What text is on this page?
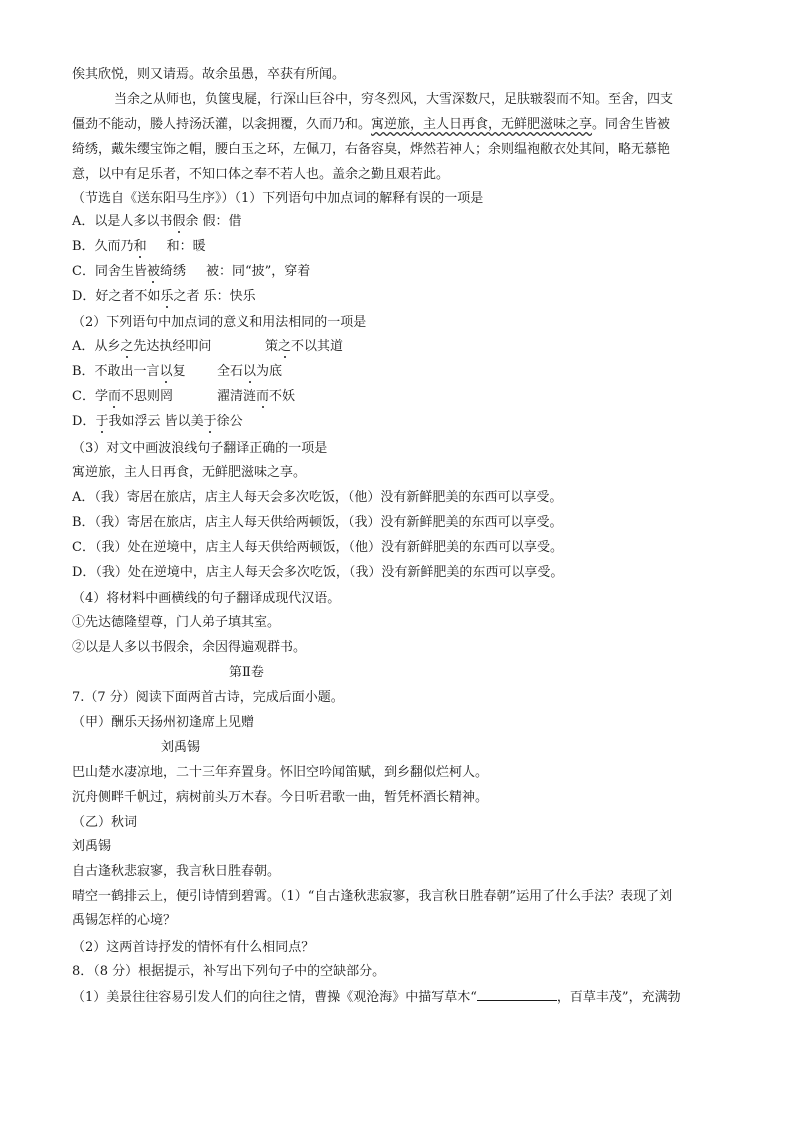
俟其欣悦，则又请焉。故余虽愚，卒获有所闻。
当余之从师也，负箧曳屣，行深山巨谷中，穷冬烈风，大雪深数尺，足肤皲裂而不知。至舍，四支
僵劲不能动，媵人持汤沃灌，以衾拥覆，久而乃和。寓逆旅，主人日再食，无鲜肥滋味之享。同舍生皆被
绮绣，戴朱缨宝饰之帽，腰白玉之环，左佩刀，右备容臭，烨然若神人；余则缊袍敝衣处其间，略无慕艳
意，以中有足乐者，不知口体之奉不若人也。盖余之勤且艰若此。
（节选自《送东阳马生序》）（1）下列语句中加点词的解释有误的一项是
A．以是人多以书假余 假：借
B．久而乃和 和：暖
C．同舍生皆被绮绣 被：同“披”，穿着
D．好之者不如乐之者 乐：快乐
（2）下列语句中加点词的意义和用法相同的一项是
A．从乡之先达执经叩问	策之不以其道
B．不敢出一言以复 全石以为底
C．学而不思则罔	濯清涟而不妖
D．于我如浮云 皆以美于徐公
（3）对文中画波浪线句子翻译正确的一项是
寓逆旅，主人日再食，无鲜肥滋味之享。
A．（我）寄居在旅店，店主人每天会多次吃饭，（他）没有新鲜肥美的东西可以享受。
B．（我）寄居在旅店，店主人每天供给两顿饭，（我）没有新鲜肥美的东西可以享受。
C．（我）处在逆境中，店主人每天供给两顿饭，（他）没有新鲜肥美的东西可以享受。
D．（我）处在逆境中，店主人每天会多次吃饭，（我）没有新鲜肥美的东西可以享受。
（4）将材料中画横线的句子翻译成现代汉语。
①先达德隆望尊，门人弟子填其室。
②以是人多以书假余，余因得遍观群书。
第Ⅱ卷
7.（7 分）阅读下面两首古诗，完成后面小题。
（甲）酬乐天扬州初逢席上见赠
刘禹锡
巴山楚水凄凉地，二十三年弃置身。怀旧空吟闻笛赋，到乡翻似烂柯人。
沉舟侧畔千帆过，病树前头万木春。今日听君歌一曲，暂凭杯酒长精神。
（乙）秋词
刘禹锡
自古逢秋悲寂寥，我言秋日胜春朝。
晴空一鹤排云上，便引诗情到碧霄。（1）“自古逢秋悲寂寥，我言秋日胜春朝”运用了什么手法？表现了刘
禹锡怎样的心境？
（2）这两首诗抒发的情怀有什么相同点？
8．（8 分）根据提示，补写出下列句子中的空缺部分。
（1）美景往往容易引发人们的向往之情，曹操《观沧海》中描写草木“	，百草丰茂”，充满勃
